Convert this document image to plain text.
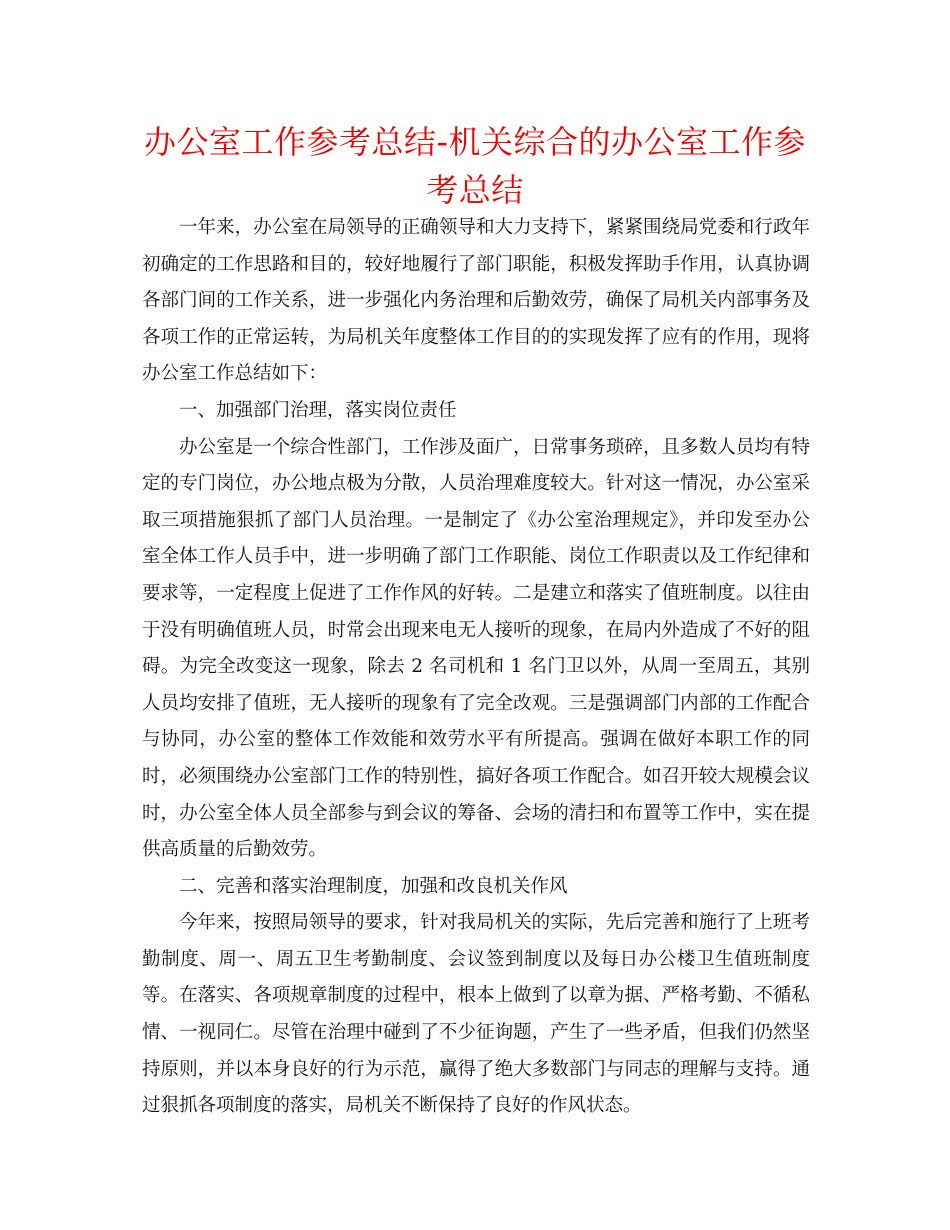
办公室工作参考总结-机关综合的办公室工作参考总结

一年来，办公室在局领导的正确领导和大力支持下，紧紧围绕局党委和行政年初确定的工作思路和目的，较好地履行了部门职能，积极发挥助手作用，认真协调各部门间的工作关系，进一步强化内务治理和后勤效劳，确保了局机关内部事务及各项工作的正常运转，为局机关年度整体工作目的的实现发挥了应有的作用，现将办公室工作总结如下：

一、加强部门治理，落实岗位责任

办公室是一个综合性部门，工作涉及面广，日常事务琐碎，且多数人员均有特定的专门岗位，办公地点极为分散，人员治理难度较大。针对这一情况，办公室采取三项措施狠抓了部门人员治理。一是制定了《办公室治理规定》，并印发至办公室全体工作人员手中，进一步明确了部门工作职能、岗位工作职责以及工作纪律和要求等，一定程度上促进了工作作风的好转。二是建立和落实了值班制度。以往由于没有明确值班人员，时常会出现来电无人接听的现象，在局内外造成了不好的阻碍。为完全改变这一现象，除去 2 名司机和 1 名门卫以外，从周一至周五，其别人员均安排了值班，无人接听的现象有了完全改观。三是强调部门内部的工作配合与协同，办公室的整体工作效能和效劳水平有所提高。强调在做好本职工作的同时，必须围绕办公室部门工作的特别性，搞好各项工作配合。如召开较大规模会议时，办公室全体人员全部参与到会议的筹备、会场的清扫和布置等工作中，实在提供高质量的后勤效劳。

二、完善和落实治理制度，加强和改良机关作风

今年来，按照局领导的要求，针对我局机关的实际，先后完善和施行了上班考勤制度、周一、周五卫生考勤制度、会议签到制度以及每日办公楼卫生值班制度等。在落实、各项规章制度的过程中，根本上做到了以章为据、严格考勤、不循私情、一视同仁。尽管在治理中碰到了不少征询题，产生了一些矛盾，但我们仍然坚持原则，并以本身良好的行为示范，赢得了绝大多数部门与同志的理解与支持。通过狠抓各项制度的落实，局机关不断保持了良好的作风状态。
